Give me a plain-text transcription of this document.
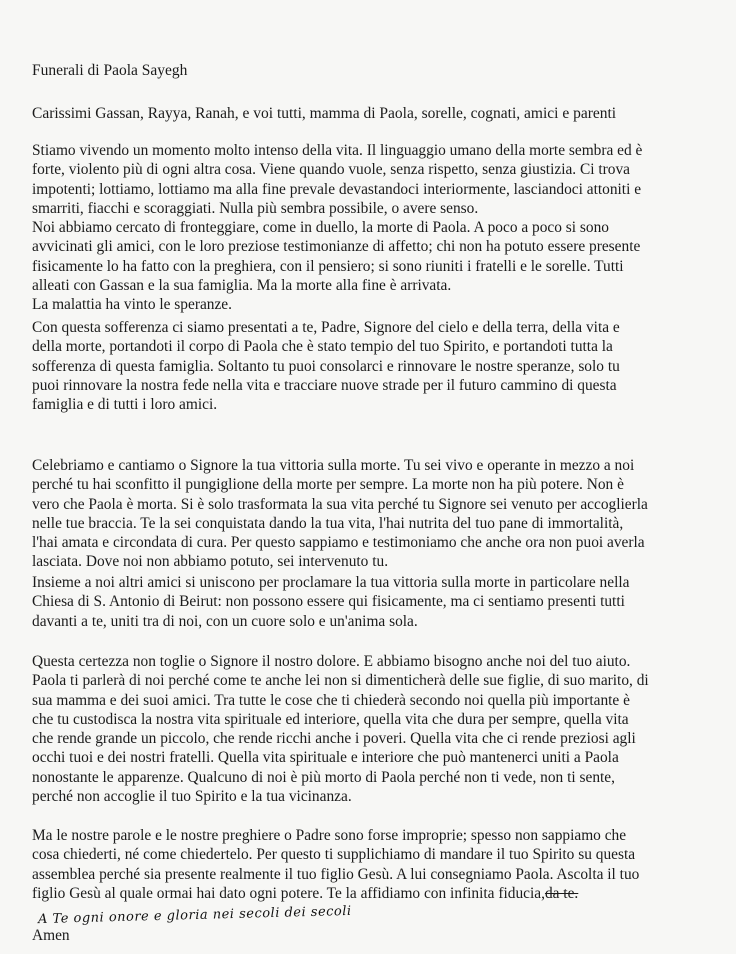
Funerali di Paola Sayegh
Carissimi Gassan, Rayya, Ranah, e voi tutti, mamma di Paola, sorelle, cognati, amici e parenti
Stiamo vivendo un momento molto intenso della vita. Il linguaggio umano della morte sembra ed è
forte, violento più di ogni altra cosa. Viene quando vuole, senza rispetto, senza giustizia. Ci trova
impotenti; lottiamo, lottiamo ma alla fine prevale devastandoci interiormente, lasciandoci attoniti e
smarriti, fiacchi e scoraggiati. Nulla più sembra possibile, o avere senso.
Noi abbiamo cercato di fronteggiare, come in duello, la morte di Paola. A poco a poco si sono
avvicinati gli amici, con le loro preziose testimonianze di affetto; chi non ha potuto essere presente
fisicamente lo ha fatto con la preghiera, con il pensiero; si sono riuniti i fratelli e le sorelle. Tutti
alleati con Gassan e la sua famiglia. Ma la morte alla fine è arrivata.
La malattia ha vinto le speranze.
Con questa sofferenza ci siamo presentati a te, Padre, Signore del cielo e della terra, della vita e
della morte, portandoti il corpo di Paola che è stato tempio del tuo Spirito, e portandoti tutta la
sofferenza di questa famiglia. Soltanto tu puoi consolarci e rinnovare le nostre speranze, solo tu
puoi rinnovare la nostra fede nella vita e tracciare nuove strade per il futuro cammino di questa
famiglia e di tutti i loro amici.
Celebriamo e cantiamo o Signore la tua vittoria sulla morte. Tu sei vivo e operante in mezzo a noi
perché tu hai sconfitto il pungiglione della morte per sempre. La morte non ha più potere. Non è
vero che Paola è morta. Si è solo trasformata la sua vita perché tu Signore sei venuto per accoglierla
nelle tue braccia. Te la sei conquistata dando la tua vita, l'hai nutrita del tuo pane di immortalità,
l'hai amata e circondata di cura. Per questo sappiamo e testimoniamo che anche ora non puoi averla
lasciata. Dove noi non abbiamo potuto, sei intervenuto tu.
Insieme a noi altri amici si uniscono per proclamare la tua vittoria sulla morte in particolare nella
Chiesa di S. Antonio di Beirut: non possono essere qui fisicamente, ma ci sentiamo presenti tutti
davanti a te, uniti tra di noi, con un cuore solo e un'anima sola.
Questa certezza non toglie o Signore il nostro dolore. E abbiamo bisogno anche noi del tuo aiuto.
Paola ti parlerà di noi perché come te anche lei non si dimenticherà delle sue figlie, di suo marito, di
sua mamma e dei suoi amici. Tra tutte le cose che ti chiederà secondo noi quella più importante è
che tu custodisca la nostra vita spirituale ed interiore, quella vita che dura per sempre, quella vita
che rende grande un piccolo, che rende ricchi anche i poveri. Quella vita che ci rende preziosi agli
occhi tuoi e dei nostri fratelli. Quella vita spirituale e interiore che può mantenerci uniti a Paola
nonostante le apparenze. Qualcuno di noi è più morto di Paola perché non ti vede, non ti sente,
perché non accoglie il tuo Spirito e la tua vicinanza.
Ma le nostre parole e le nostre preghiere o Padre sono forse improprie; spesso non sappiamo che
cosa chiederti, né come chiedertelo. Per questo ti supplichiamo di mandare il tuo Spirito su questa
assemblea perché sia presente realmente il tuo figlio Gesù. A lui consegniamo Paola. Ascolta il tuo
figlio Gesù al quale ormai hai dato ogni potere. Te la affidiamo con infinita fiducia,da te.
A Te ogni onore e gloria nei secoli dei secoli
Amen
